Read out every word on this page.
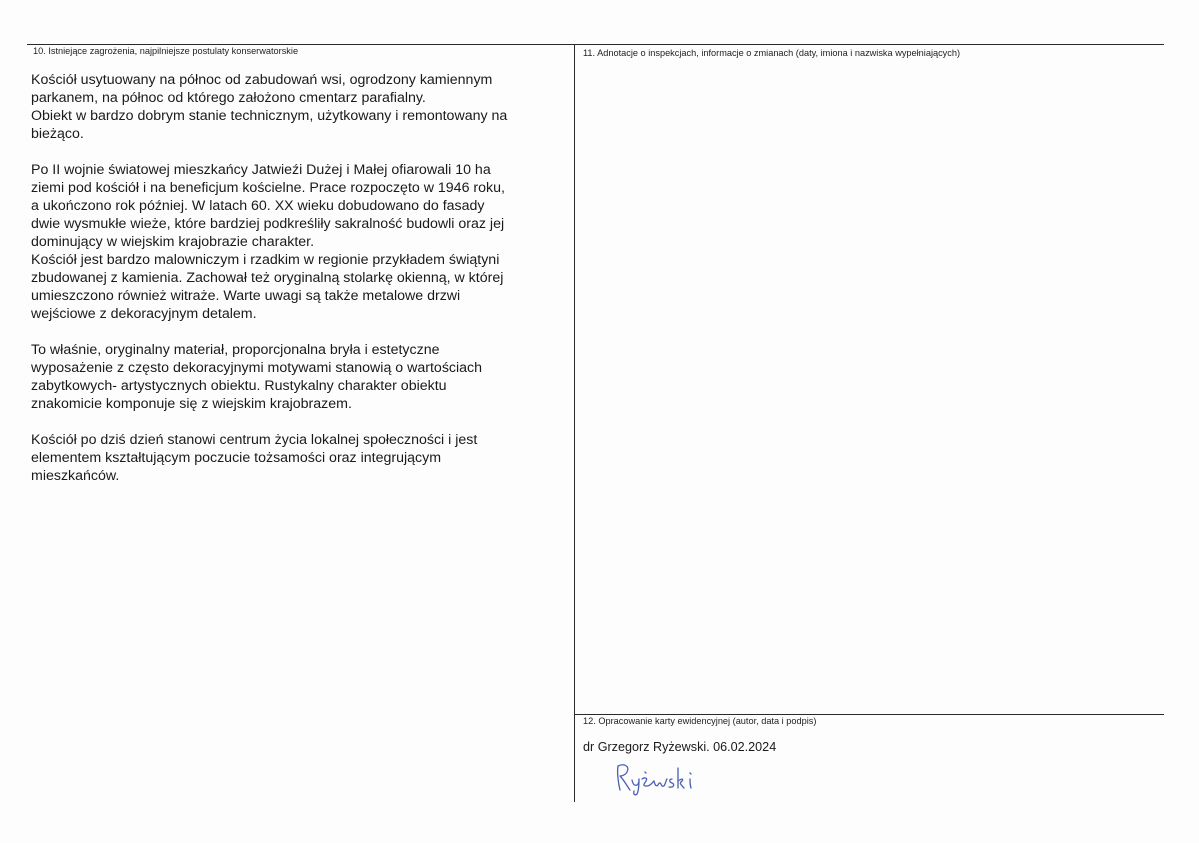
10. Istniejące zagrożenia, najpilniejsze postulaty konserwatorskie	11. Adnotacje o inspekcjach, informacje o zmianach (daty, imiona i nazwiska wypełniających)
12. Opracowanie karty ewidencyjnej (autor, data i podpis)

Kościół usytuowany na północ od zabudowań wsi, ogrodzony kamiennym
parkanem, na północ od którego założono cmentarz parafialny.
Obiekt w bardzo dobrym stanie technicznym, użytkowany i remontowany na
bieżąco.

Po II wojnie światowej mieszkańcy Jatwieźi Dużej i Małej ofiarowali 10 ha
ziemi pod kościół i na beneficjum kościelne. Prace rozpoczęto w 1946 roku,
a ukończono rok później. W latach 60. XX wieku dobudowano do fasady
dwie wysmukłe wieże, które bardziej podkreśliły sakralność budowli oraz jej
dominujący w wiejskim krajobrazie charakter.
Kościół jest bardzo malowniczym i rzadkim w regionie przykładem świątyni
zbudowanej z kamienia. Zachował też oryginalną stolarkę okienną, w której
umieszczono również witraże. Warte uwagi są także metalowe drzwi
wejściowe z dekoracyjnym detalem.

To właśnie, oryginalny materiał, proporcjonalna bryła i estetyczne
wyposażenie z często dekoracyjnymi motywami stanowią o wartościach
zabytkowych- artystycznych obiektu. Rustykalny charakter obiektu
znakomicie komponuje się z wiejskim krajobrazem.

Kościół po dziś dzień stanowi centrum życia lokalnej społeczności i jest
elementem kształtującym poczucie tożsamości oraz integrującym
mieszkańców.

dr Grzegorz Ryżewski. 06.02.2024
